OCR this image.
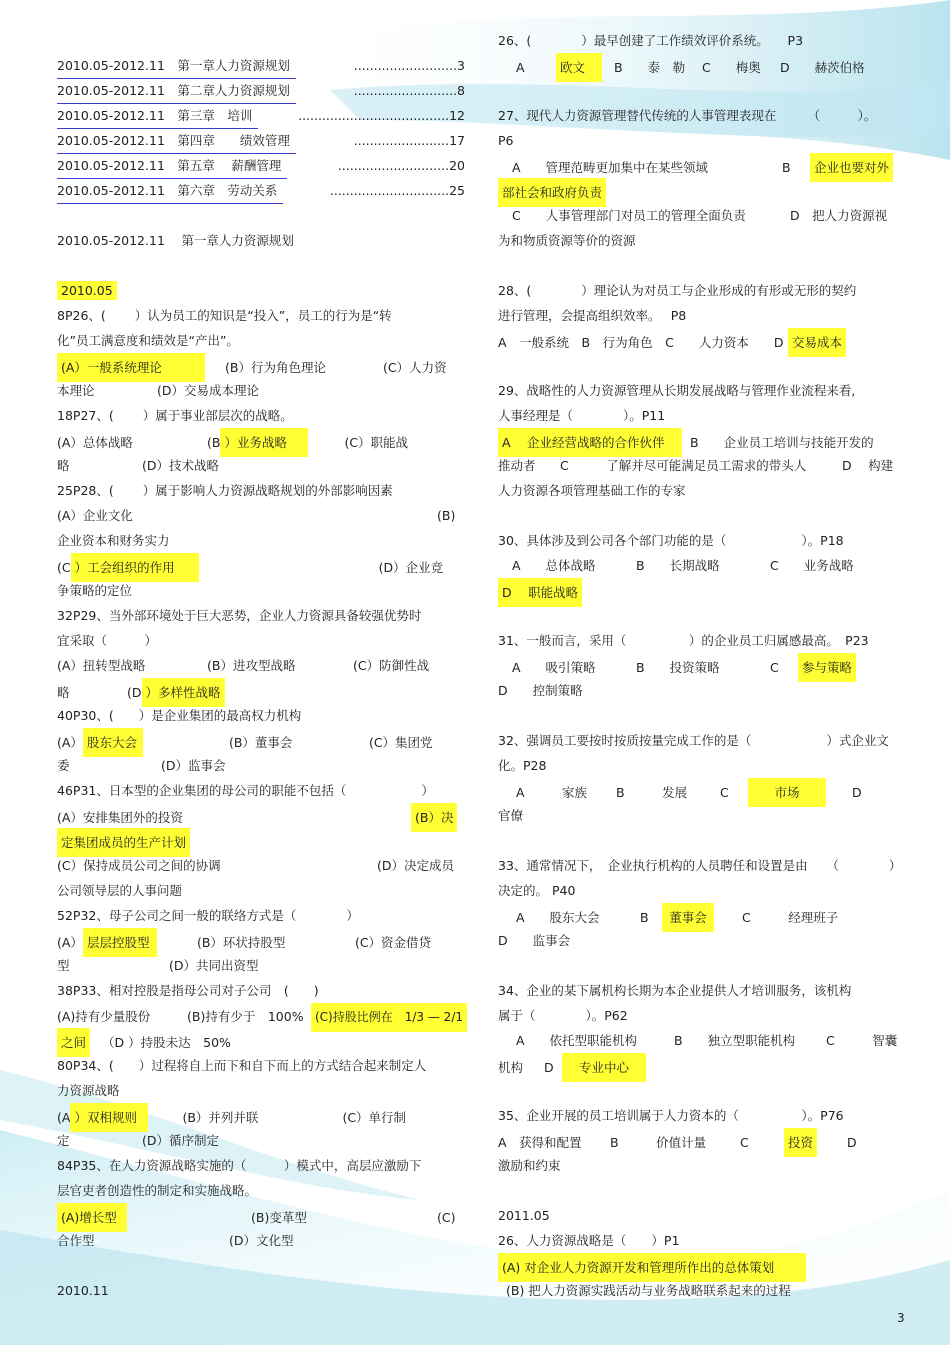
2010.05-2012.11　第一章人力资源规划	..........................3
2010.05-2012.11　第二章人力资源规划	..........................8
2010.05-2012.11　第三章　培训	......................................12
2010.05-2012.11　第四章　　绩效管理	........................17
2010.05-2012.11　第五章　 薪酬管理	............................20
2010.05-2012.11　第六章　劳动关系	..............................25
2010.05-2012.11　 第一章人力资源规划
2010.05
8P26、(　　 ）认为员工的知识是“投入”，员工的行为是“转
化”员工满意度和绩效是“产出”。
(A）一般系统理论	(B）行为角色理论	(C）人力资
本理论	(D）交易成本理论
18P27、(　　 ）属于事业部层次的战略。
(A）总体战略	(B ）业务战略	(C）职能战
略	(D）技术战略
25P28、(　　 ）属于影响人力资源战略规划的外部影响因素
(A）企业文化	(B)
企业资本和财务实力
(C ）工会组织的作用	(D）企业竞
争策略的定位
32P29、当外部环境处于巨大恶势，企业人力资源具备较强优势时
宜采取（　　　）
(A）扭转型战略	(B）进攻型战略	(C）防御性战
略	(D ）多样性战略
40P30、(　　）是企业集团的最高权力机构
(A） 股东大会	(B）董事会	(C）集团党
委	(D）监事会
46P31、日本型的企业集团的母公司的职能不包括（　　　　　　）
(A）安排集团外的投资	(B）决
定集团成员的生产计划
(C）保持成员公司之间的协调	(D）决定成员
公司领导层的人事问题
52P32、母子公司之间一般的联络方式是（　　　　）
(A） 层层控股型	(B）环状持股型	(C）资金借贷
型	(D）共同出资型
38P33、相对控股是指母公司对子公司　(　　)
(A)持有少量股份	(B)持有少于　100% (C)持股比例在　1/3 — 2/1
之间 （D ）持股未达　50%
80P34、(　　）过程将自上而下和自下而上的方式结合起来制定人
力资源战略
(A ）双相规则	(B）并列并联	(C）单行制
定	(D）循序制定
84P35、在人力资源战略实施的（　　　）模式中，高层应激励下
层官吏者创造性的制定和实施战略。
(A)增长型	(B)变革型	(C)
合作型	(D）文化型
2010.11
26、(　　　　）最早创建了工作绩效评价系统。　　P3
A	欧文 B　　泰　勒 C　　梅奥 D　　赫茨伯格
27、现代人力资源管理替代传统的人事管理表现在　　　（　　　）。
P6
A　　管理范畴更加集中在某些领域	B 企业也要对外
部社会和政府负责
C　　人事管理部门对员工的管理全面负责	D　把人力资源视
为和物质资源等价的资源
28、(　　　　）理论认为对员工与企业形成的有形或无形的契约
进行管理，会提高组织效率。　 P8
A　一般系统　B　行为角色　C　　人力资本　　D 交易成本
29、战略性的人力资源管理从长期发展战略与管理作业流程来看,
人事经理是（　　　　）。P11
A　 企业经营战略的合作伙伴 B　　企业员工培训与技能开发的
推动者 C　　　了解并尽可能满足员工需求的带头人	D　 构建
人力资源各项管理基础工作的专家
30、具体涉及到公司各个部门功能的是（　　　　　　）。P18
A　　总体战略	B　　长期战略	C　　业务战略
D　 职能战略
31、一般而言，采用（　　　　　）的企业员工归属感最高。　P23
A　　吸引策略	B　　投资策略	C 参与策略
D　　控制策略
32、强调员工要按时按质按量完成工作的是（　　　　　　）式企业文
化。P28
A　　　家族 B　　　发展	C	市场	D
官僚
33、通常情况下，　企业执行机构的人员聘任和设置是由　　（　　　　）
决定的。 P40
A　　股东大会	B 董事会	C　　　经理班子
D　　监事会
34、企业的某下属机构长期为本企业提供人才培训服务，该机构
属于（　　　　）。P62
A　　依托型职能机构	B　　独立型职能机构 C　　　智囊
机构 D 专业中心
35、企业开展的员工培训属于人力资本的（　　　　　）。P76
A　获得和配置 B　　　价值计量	C	投资	D
激励和约束
2011.05
26、人力资源战略是（　　）P1
(A) 对企业人力资源开发和管理所作出的总体策划
(B) 把人力资源实践活动与业务战略联系起来的过程
3
